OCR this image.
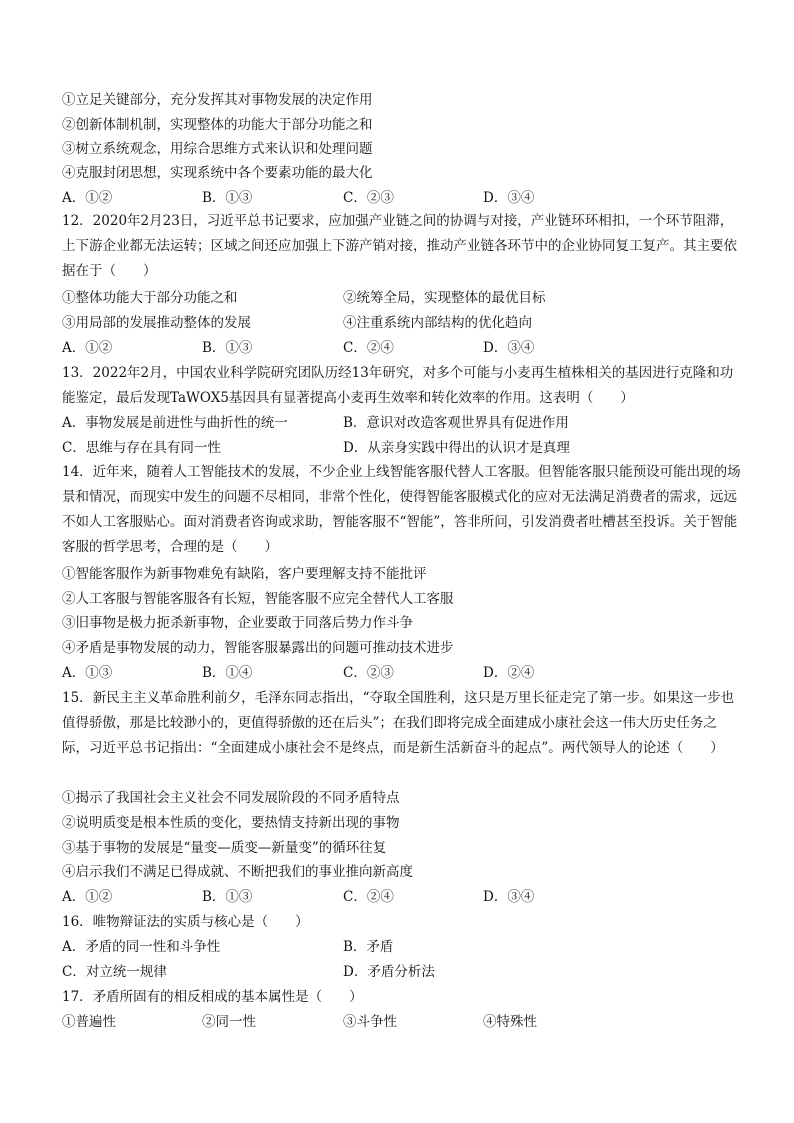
①立足关键部分，充分发挥其对事物发展的决定作用
②创新体制机制，实现整体的功能大于部分功能之和
③树立系统观念，用综合思维方式来认识和处理问题
④克服封闭思想，实现系统中各个要素功能的最大化
A．①②	B．①③	C．②③	D．③④
12．2020年2月23日，习近平总书记要求，应加强产业链之间的协调与对接，产业链环环相扣，一个环节阻滞，上下游企业都无法运转；区域之间还应加强上下游产销对接，推动产业链各环节中的企业协同复工复产。其主要依据在于（　　）
①整体功能大于部分功能之和	②统筹全局，实现整体的最优目标
③用局部的发展推动整体的发展	④注重系统内部结构的优化趋向
A．①②	B．①③	C．②④	D．③④
13．2022年2月，中国农业科学院研究团队历经13年研究，对多个可能与小麦再生植株相关的基因进行克隆和功能鉴定，最后发现TaWOX5基因具有显著提高小麦再生效率和转化效率的作用。这表明（　　）
A．事物发展是前进性与曲折性的统一	B．意识对改造客观世界具有促进作用
C．思维与存在具有同一性	D．从亲身实践中得出的认识才是真理
14．近年来，随着人工智能技术的发展，不少企业上线智能客服代替人工客服。但智能客服只能预设可能出现的场景和情况，而现实中发生的问题不尽相同，非常个性化，使得智能客服模式化的应对无法满足消费者的需求，远远不如人工客服贴心。面对消费者咨询或求助，智能客服不“智能”，答非所问，引发消费者吐槽甚至投诉。关于智能客服的哲学思考，合理的是（　　）
①智能客服作为新事物难免有缺陷，客户要理解支持不能批评
②人工客服与智能客服各有长短，智能客服不应完全替代人工客服
③旧事物是极力扼杀新事物，企业要敢于同落后势力作斗争
④矛盾是事物发展的动力，智能客服暴露出的问题可推动技术进步
A．①③	B．①④	C．②③	D．②④
15．新民主主义革命胜利前夕，毛泽东同志指出，“夺取全国胜利，这只是万里长征走完了第一步。如果这一步也值得骄傲，那是比较渺小的，更值得骄傲的还在后头”；在我们即将完成全面建成小康社会这一伟大历史任务之际，习近平总书记指出：“全面建成小康社会不是终点，而是新生活新奋斗的起点”。两代领导人的论述（　　）
①揭示了我国社会主义社会不同发展阶段的不同矛盾特点
②说明质变是根本性质的变化，要热情支持新出现的事物
③基于事物的发展是“量变—质变—新量变”的循环往复
④启示我们不满足已得成就、不断把我们的事业推向新高度
A．①②	B．①③	C．②④	D．③④
16．唯物辩证法的实质与核心是（　　）
A．矛盾的同一性和斗争性	B．矛盾
C．对立统一规律	D．矛盾分析法
17．矛盾所固有的相反相成的基本属性是（　　）
①普遍性	②同一性	③斗争性	④特殊性
